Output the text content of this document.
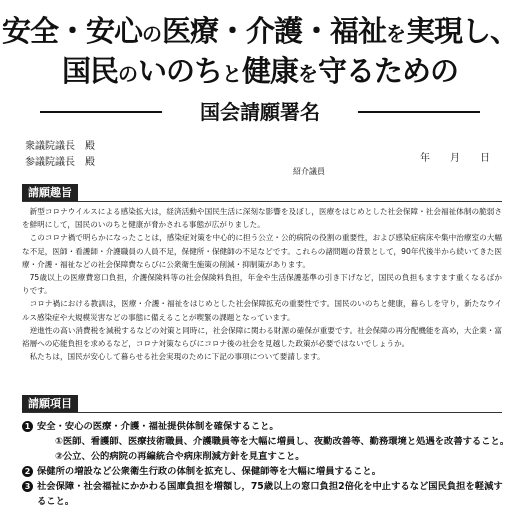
安全・安心の医療・介護・福祉を実現し、
国民のいのちと健康を守るための
国会請願署名
衆議院議長　殿
参議院議長　殿	年 月 日
紹介議員
請願趣旨

新型コロナウイルスによる感染拡大は，経済活動や国民生活に深刻な影響を及ぼし，医療をはじめとした社会保障・社会福祉体制の脆弱さを鮮明にして，国民のいのちと健康が脅かされる事態が広がりました。

このコロナ禍で明らかになったことは，感染症対策を中心的に担う公立・公的病院の役割の重要性，および感染症病床や集中治療室の大幅な不足，医師・看護師・介護職員の人員不足，保健所・保健師の不足などです。これらの諸問題の背景として，90年代後半から続いてきた医療・介護・福祉などの社会保障費ならびに公衆衛生施策の削減・抑制策があります。

75歳以上の医療費窓口負担，介護保険料等の社会保険料負担，年金や生活保護基準の引き下げなど，国民の負担もますます重くなるばかりです。

コロナ禍における教訓は，医療・介護・福祉をはじめとした社会保障拡充の重要性です。国民のいのちと健康，暮らしを守り，新たなウイルス感染症や大規模災害などの事態に備えることが喫緊の課題となっています。

逆進性の高い消費税を減税するなどの対策と同時に，社会保障に関わる財源の確保が重要です。社会保障の再分配機能を高め，大企業・富裕層への応能負担を求めるなど，コロナ対策ならびにコロナ後の社会を見越した政策が必要ではないでしょうか。

私たちは，国民が安心して暮らせる社会実現のために下記の事項について要請します。

請願項目
1 安全・安心の医療・介護・福祉提供体制を確保すること。
①医師、看護師、医療技術職員、介護職員等を大幅に増員し、夜勤改善等、勤務環境と処遇を改善すること。
②公立、公的病院の再編統合や病床削減方針を見直すこと。
2 保健所の増設など公衆衛生行政の体制を拡充し、保健師等を大幅に増員すること。
3 社会保障・社会福祉にかかわる国庫負担を増額し，75歳以上の窓口負担2倍化を中止するなど国民負担を軽減すること。
